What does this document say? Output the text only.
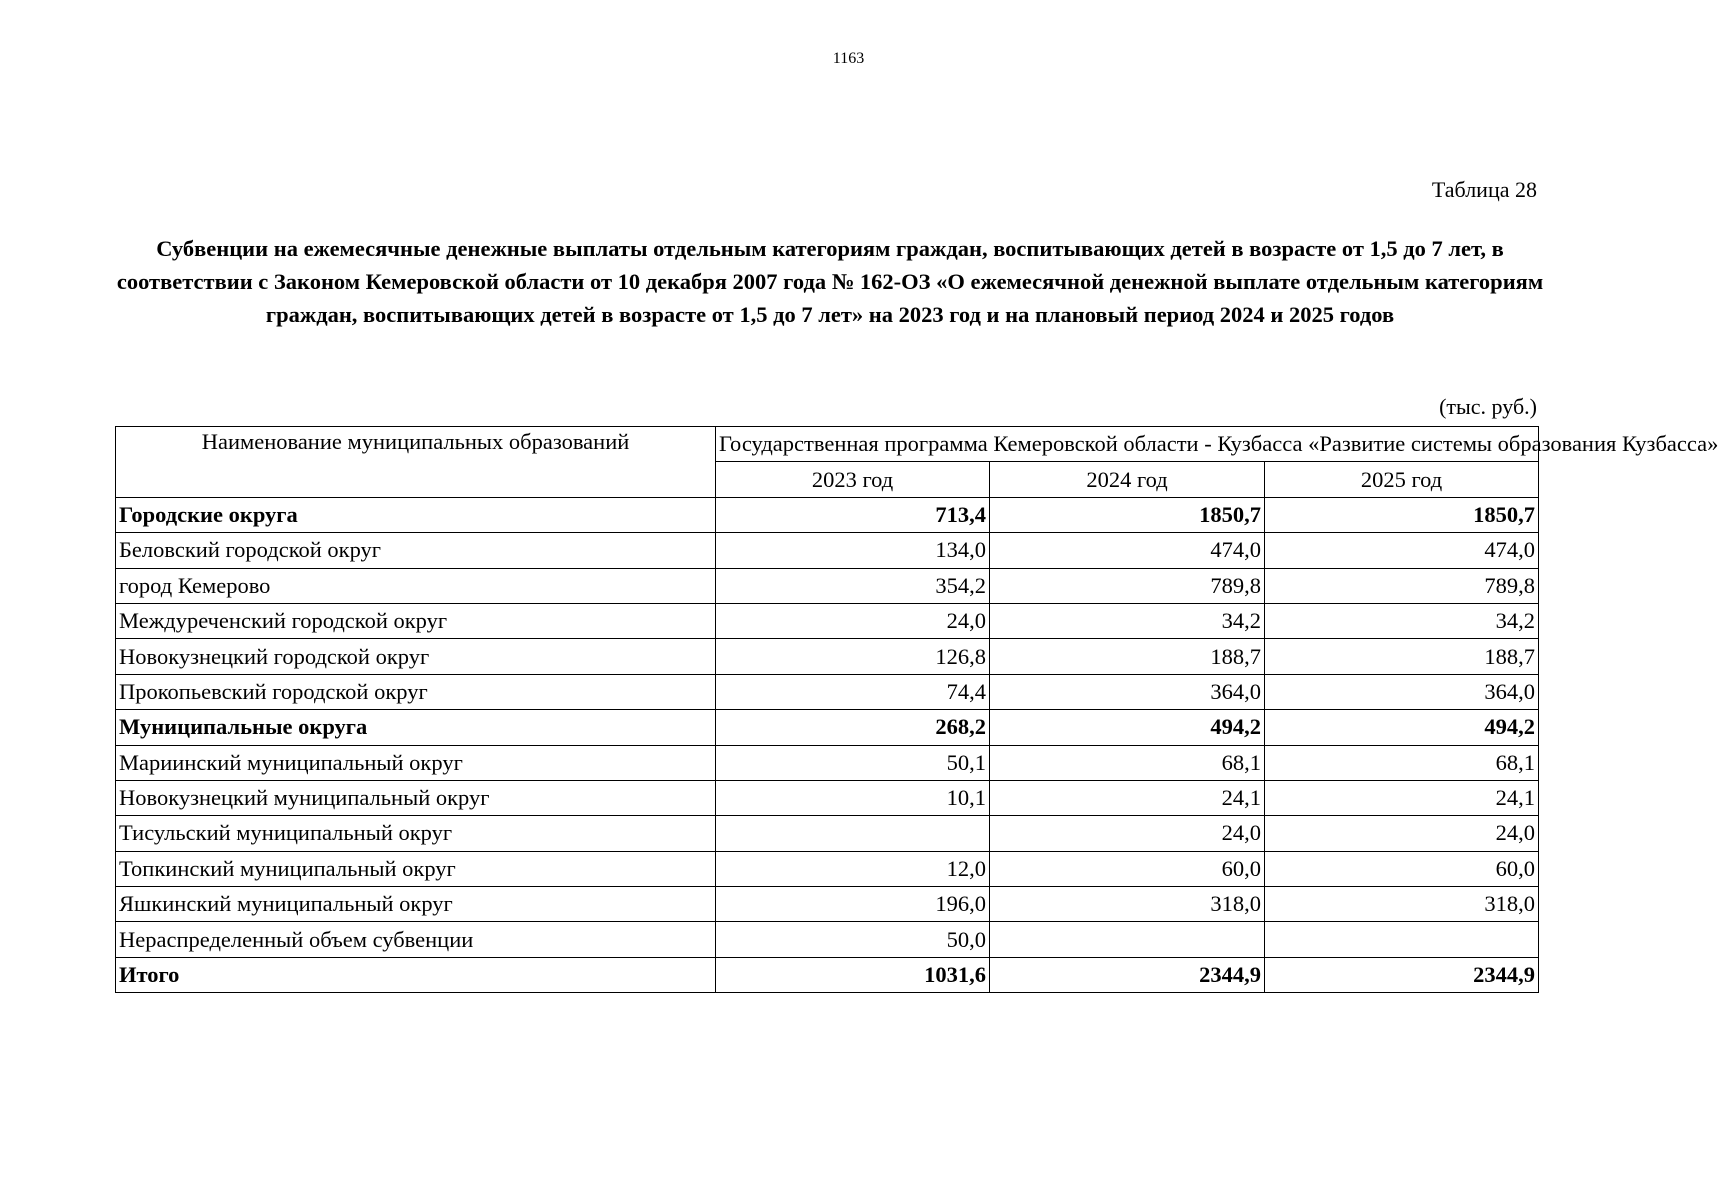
1163
Таблица 28
Субвенции на ежемесячные денежные выплаты отдельным категориям граждан, воспитывающих детей в возрасте от 1,5 до 7 лет, в соответствии с Законом Кемеровской области от 10 декабря 2007 года № 162-ОЗ «О ежемесячной денежной выплате отдельным категориям граждан, воспитывающих детей в возрасте от 1,5 до 7 лет» на 2023 год и на плановый период 2024 и 2025 годов
(тыс. руб.)
Наименование муниципальных образований	Государственная программа Кемеровской области - Кузбасса «Развитие системы образования Кузбасса»		
	2023 год	2024 год	2025 год
Городские округа	713,4	1850,7	1850,7
Беловский городской округ	134,0	474,0	474,0
город Кемерово	354,2	789,8	789,8
Междуреченский городской округ	24,0	34,2	34,2
Новокузнецкий городской округ	126,8	188,7	188,7
Прокопьевский городской округ	74,4	364,0	364,0
Муниципальные округа	268,2	494,2	494,2
Мариинский муниципальный округ	50,1	68,1	68,1
Новокузнецкий муниципальный округ	10,1	24,1	24,1
Тисульский муниципальный округ		24,0	24,0
Топкинский муниципальный округ	12,0	60,0	60,0
Яшкинский муниципальный округ	196,0	318,0	318,0
Нераспределенный объем субвенции	50,0		
Итого	1031,6	2344,9	2344,9
